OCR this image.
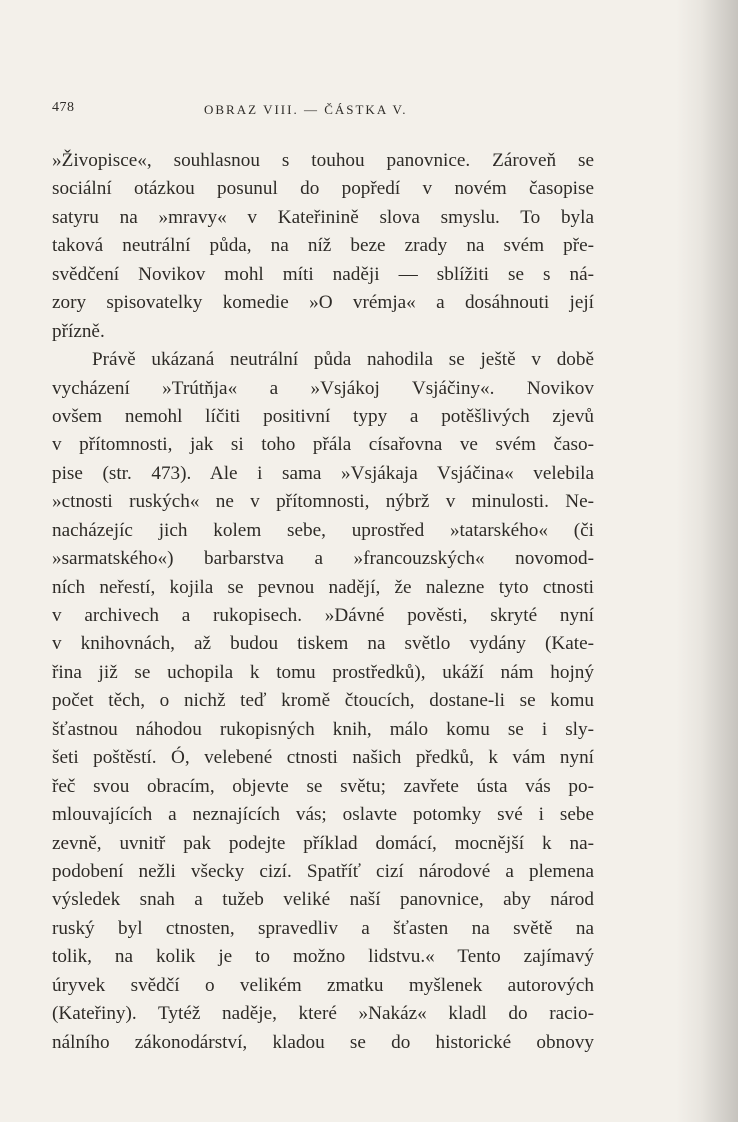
478	OBRAZ VIII. — ČÁSTKA V.
»Živopisce«, souhlasnou s touhou panovnice. Zároveň se
sociální otázkou posunul do popředí v novém časopise
satyru na »mravy« v Kateřinině slova smyslu. To byla
taková neutrální půda, na níž beze zrady na svém pře-
svědčení Novikov mohl míti naději — sblížiti se s ná-
zory spisovatelky komedie »O vrémja« a dosáhnouti její
přízně.
Právě ukázaná neutrální půda nahodila se ještě v době
vycházení »Trútňja« a »Vsjákoj Vsjáčiny«. Novikov
ovšem nemohl líčiti positivní typy a potěšlivých zjevů
v přítomnosti, jak si toho přála císařovna ve svém časo-
pise (str. 473). Ale i sama »Vsjákaja Vsjáčina« velebila
»ctnosti ruských« ne v přítomnosti, nýbrž v minulosti. Ne-
nacházejíc jich kolem sebe, uprostřed »tatarského« (či
»sarmatského«) barbarstva a »francouzských« novomod-
ních neřestí, kojila se pevnou nadějí, že nalezne tyto ctnosti
v archivech a rukopisech. »Dávné pověsti, skryté nyní
v knihovnách, až budou tiskem na světlo vydány (Kate-
řina již se uchopila k tomu prostředků), ukáží nám hojný
počet těch, o nichž teď kromě čtoucích, dostane-li se komu
šťastnou náhodou rukopisných knih, málo komu se i sly-
šeti poštěstí. Ó, velebené ctnosti našich předků, k vám nyní
řeč svou obracím, objevte se světu; zavřete ústa vás po-
mlouvajících a neznajících vás; oslavte potomky své i sebe
zevně, uvnitř pak podejte příklad domácí, mocnější k na-
podobení nežli všecky cizí. Spatříť cizí národové a plemena
výsledek snah a tužeb veliké naší panovnice, aby národ
ruský byl ctnosten, spravedliv a šťasten na světě na
tolik, na kolik je to možno lidstvu.« Tento zajímavý
úryvek svědčí o velikém zmatku myšlenek autorových
(Kateřiny). Tytéž naděje, které »Nakáz« kladl do racio-
nálního zákonodárství, kladou se do historické obnovy
